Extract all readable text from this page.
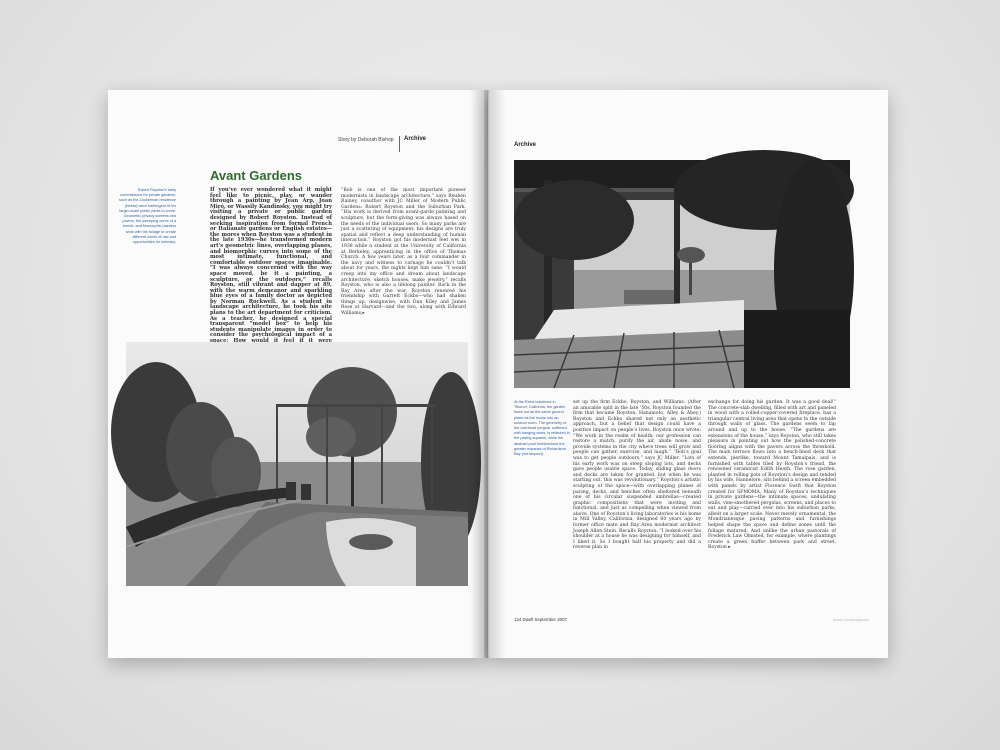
Story by Deborah Bishop	Archive
Avant Gardens
Robert Royston's early commissions for private gardens, such as the Zuckerman residence (below) were harbingers of his larger-scale public parks to come. Geometric privacy screens and pavers, the sweeping curve of a bench, and biomorphic planters work with the foliage to create different zones of use and opportunities for intimacy.
If you’ve ever wondered what it might feel like to picnic, play, or wander through a painting by Jean Arp, Joan Miró, or Wassily Kandinsky, you might try visiting a private or public garden designed by Robert Royston. Instead of seeking inspiration from formal French or Italianate gardens or English estates—the mores when Royston was a student in the late 1930s—he transformed modern art’s geometric lines, overlapping planes, and biomorphic curves into some of the most intimate, functional, and comfortable outdoor spaces imaginable. “I was always concerned with the way space moved, be it a painting, a sculpture, or the outdoors,” recalls Royston, still vibrant and dapper at 89, with the warm demeanor and sparkling blue eyes of a family doctor as depicted by Norman Rockwell. As a student in landscape architecture, he took his site plans to the art department for criticism. As a teacher, he designed a special transparent “model box” to help his students manipulate images in order to consider the psychological impact of a
“Bob is one of the most important pioneer modernists in landscape architecture,” says Reuben Rainey, coauthor with JC Miller of Modern Public Gardens: Robert Royston and the Suburban Park. “His work is derived from avant-garde painting and sculpture, but the form-giving was always based on the needs of the individual users. So many parks are just a scattering of equipment; his designs are truly spatial and reflect a deep understanding of human interaction.” Royston got his modernist feet wet in 1938 while a student at the University of California at Berkeley, apprenticing in the office of Thomas Church. A few years later, as a four commander in the navy and witness to carnage he couldn’t talk about for years, the nights kept him sane. “I would creep into my office and dream about landscape architecture, sketch houses, make jewelry,” recalls Royston, who is also a lifelong painter. Back in the Bay Area after the war, Royston renewed his friendship with Garrett Eckbo—who had shaken things up, designwise, with Dan Kiley and James Rose at Harvard—and the two, along with Edward Williams,▸
Archive
At the Reed residence in Tiburon, California, the garden flows out as the same ground plane as the house into an outdoor room. The geometry of the overhead pergola, softened with hanging vines, is reflected in the paving squares, while the abstract pool foreshadows the greater expanse of Richardson Bay (not beyond).
set up the firm Eckbo, Royston, and Williams. (After an amicable split in the late ’50s, Royston founded the firm that became Royston, Hanamoto, Alley & Abey.) Royston and Eckbo shared not only an aesthetic approach, but a belief that design could have a positive impact on people’s lives. Royston once wrote: “We work in the realm of health; our profession can restore a match, purify the air, abate noise, and provide systems in the city where trees will grow and people can gather, exercise, and laugh.” “Bob’s goal was to get people outdoors,” says JC Miller. “Lots of his early work was on steep sloping lots, and decks gave people usable space. Today, sliding glass doors and decks are taken for granted, but when he was starting out, this was revolutionary.” Royston’s artistic sculpting of the space—with overlapping planes of paving, decks, and benches often sheltered beneath one of his circular suspended umbrellas—created graphic compositions that were inviting and functional, and just as compelling when viewed from above. One of Royston’s living laboratories is his home in Mill Valley, California, designed 60 years ago by former office mate and Bay Area modernist architect Joseph Allen Stein. Recalls Royston: “I looked over his shoulder at a house he was designing for himself, and I liked it. So I bought half his property and did a reverse plan in
exchange for doing his garden. It was a good deal!” The concrete-slab dwelling, filled with art and paneled in wood with a rolled-copper-covered fireplace, has a triangular central living area that opens to the outside through walls of glass. The gardens seem to lap around and up to the house. “The gardens are extensions of the house,” says Royston, who still takes pleasure in pointing out how the polished-concrete flooring aligns with the pavers across the threshold. The main terrace flows into a bench-lined deck that extends, pierlike, toward Mount Tamalpais, and is furnished with tables tiled by Royston’s friend, the renowned ceramicist Edith Heath. The rose garden, planted in rolling pots of Royston’s design and tended by his wife, Hannelore, sits behind a screen embedded with panels by artist Florence Swift that Royston created for SFMOMA. Many of Royston’s techniques in private gardens—the intimate spaces, undulating walls, vine-smothered pergolas, screens, and places to eat and play—carried over into his suburban parks, albeit on a larger scale. Never merely ornamental, the Mondrianesque paving patterns and furnishings helped shape the space and define zones until the foliage matured. And unlike the urban pastorals of Frederick Law Olmsted, for example, where plantings create a green buffer between park and street, Royston ▸
124 Dwell September 2007	dwell.com/magazine
